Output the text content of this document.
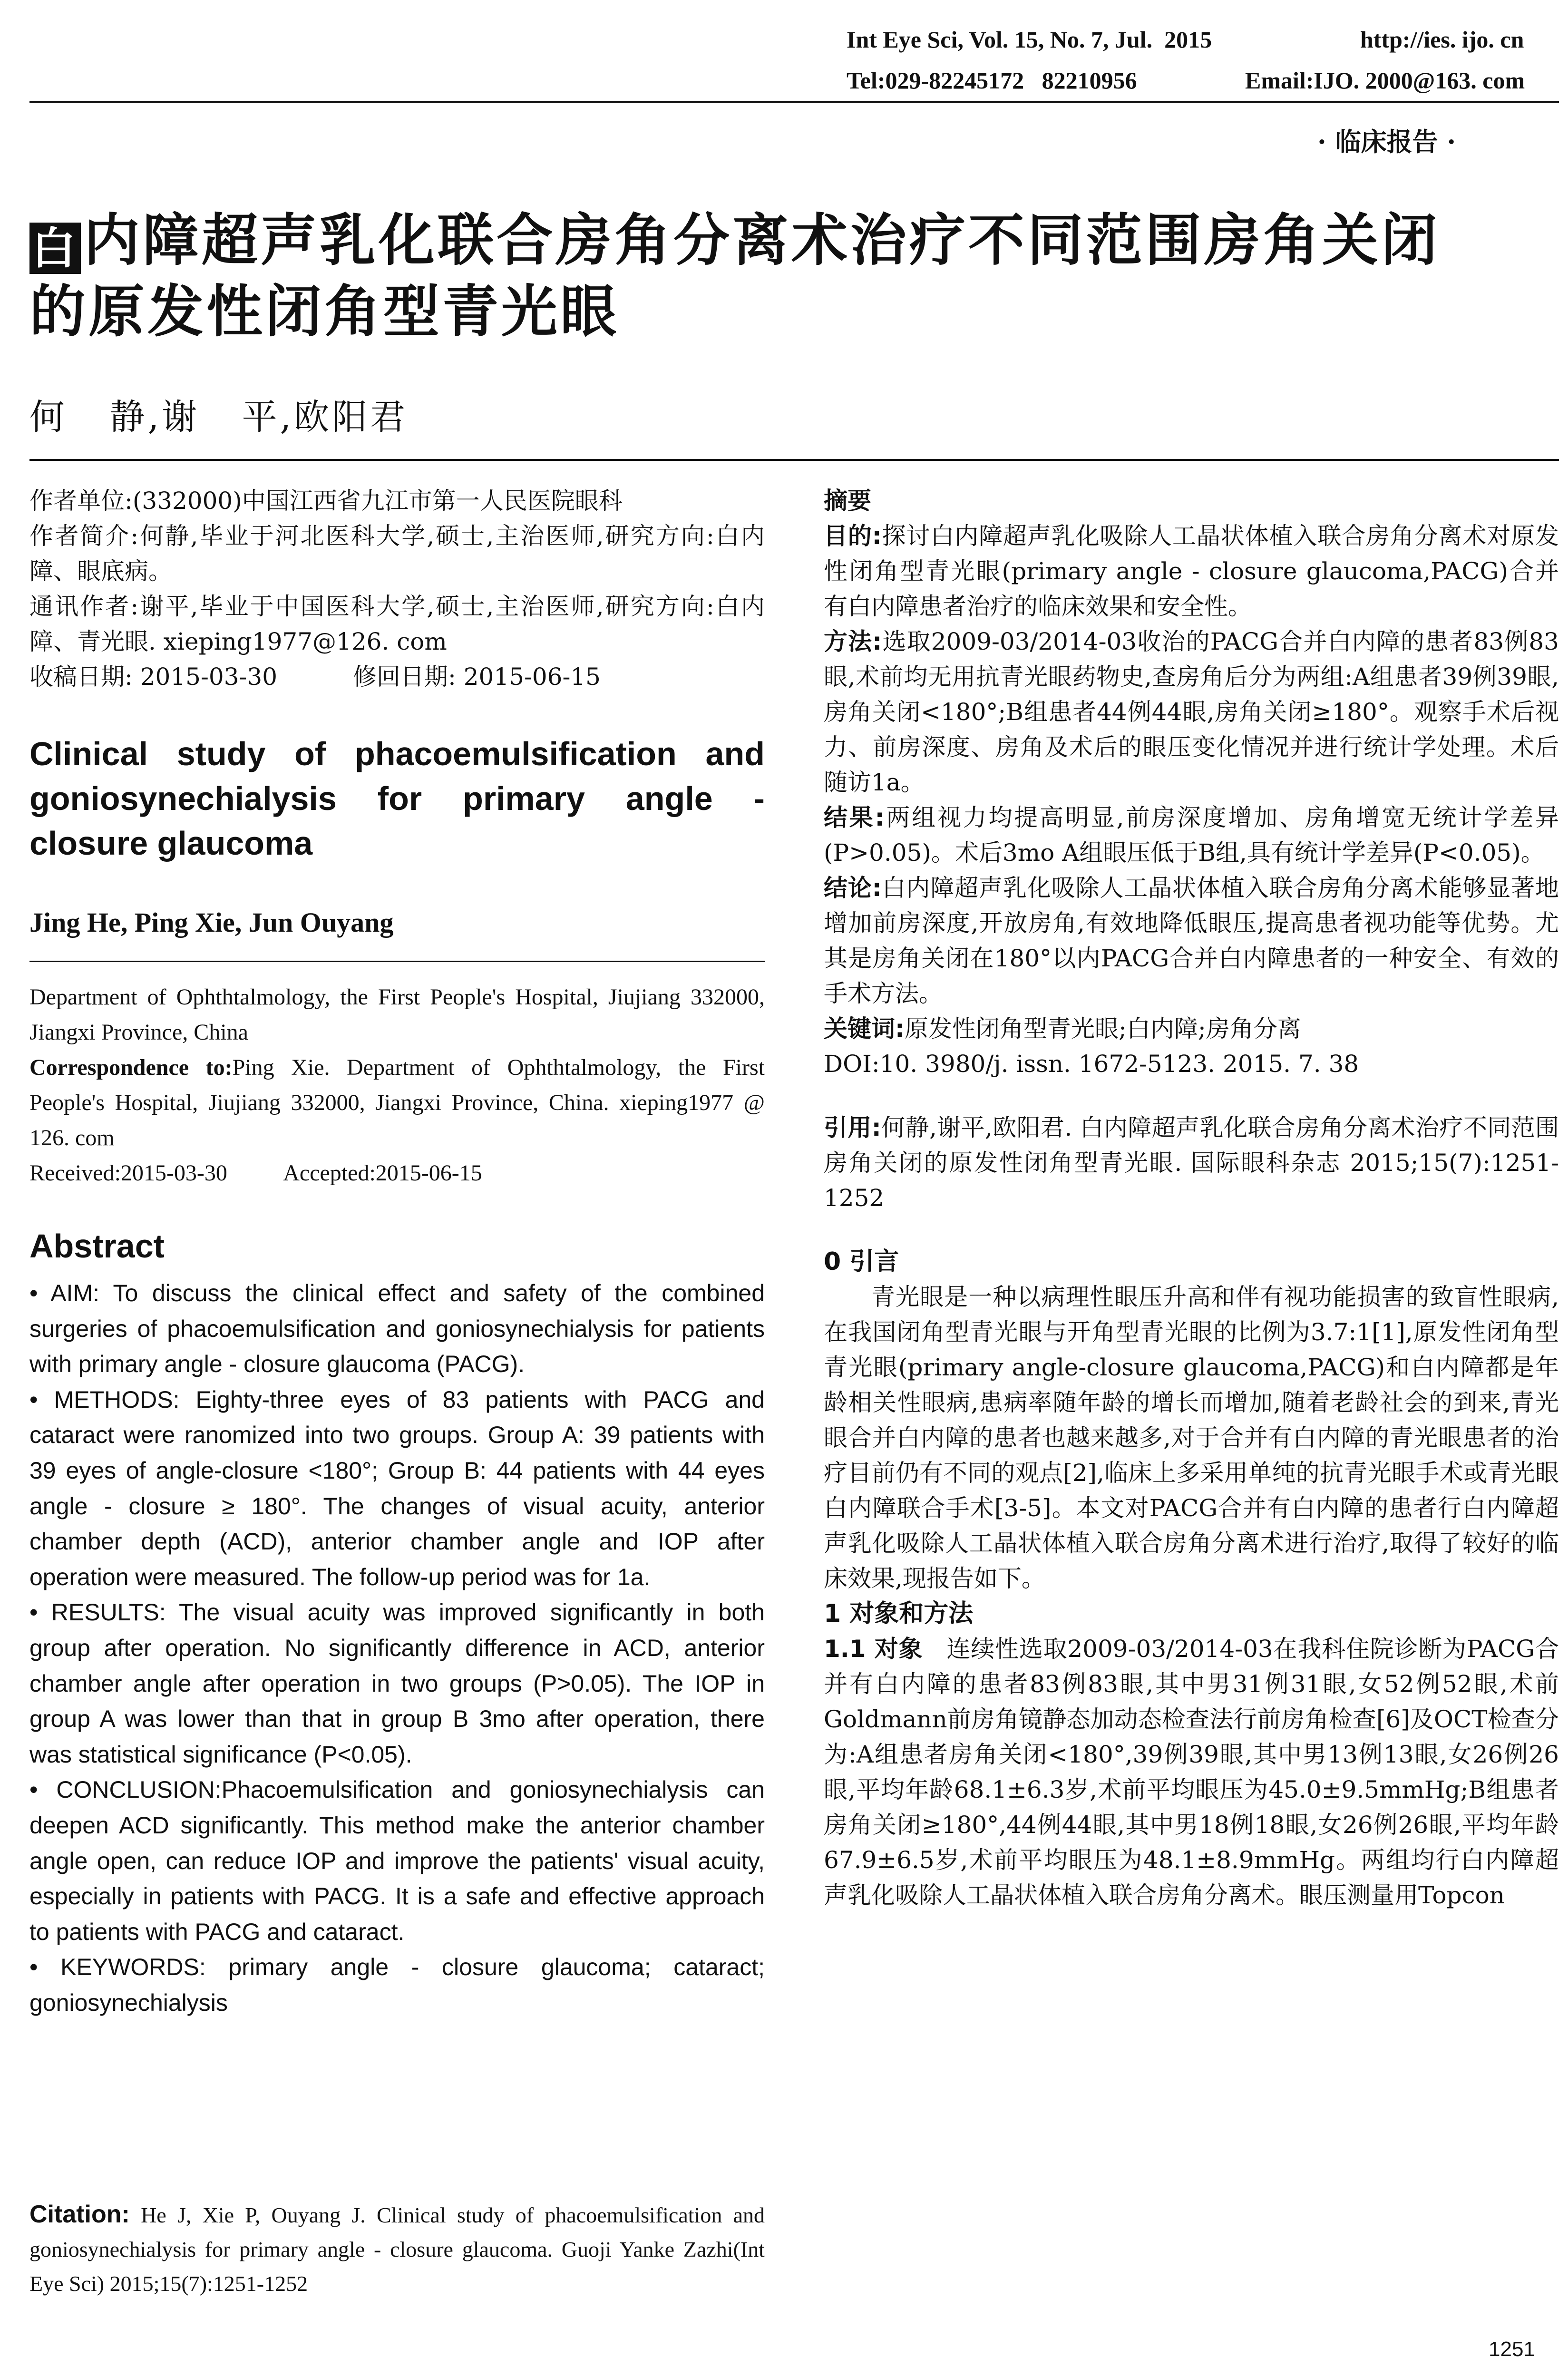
Int Eye Sci, Vol. 15, No. 7, Jul.  2015	http://ies. ijo. cn
Tel:029-82245172   82210956	Email:IJO. 2000@163. com
· 临床报告 ·
白内障超声乳化联合房角分离术治疗不同范围房角关闭
的原发性闭角型青光眼
何   静,谢   平,欧阳君

作者单位:(332000)中国江西省九江市第一人民医院眼科

作者简介:何静,毕业于河北医科大学,硕士,主治医师,研究方向:白内障、眼底病。

通讯作者:谢平,毕业于中国医科大学,硕士,主治医师,研究方向:白内障、青光眼. xieping1977@126. com

收稿日期: 2015-03-30          修回日期: 2015-06-15

Clinical study of phacoemulsification and goniosynechialysis for primary angle - closure glaucoma
Jing He, Ping Xie, Jun Ouyang
Department of Ophthtalmology, the First People's Hospital, Jiujiang 332000, Jiangxi Province, China
Correspondence to:Ping Xie. Department of Ophthtalmology, the First People's Hospital, Jiujiang 332000, Jiangxi Province, China. xieping1977 @ 126. com
Received:2015-03-30          Accepted:2015-06-15
Abstract

• AIM: To discuss the clinical effect and safety of the combined surgeries of phacoemulsification and goniosynechialysis for patients with primary angle - closure glaucoma (PACG).

• METHODS: Eighty-three eyes of 83 patients with PACG and cataract were ranomized into two groups. Group A: 39 patients with 39 eyes of angle-closure <180°; Group B: 44 patients with 44 eyes angle - closure ≥ 180°. The changes of visual acuity, anterior chamber depth (ACD), anterior chamber angle and IOP after operation were measured. The follow-up period was for 1a.

• RESULTS: The visual acuity was improved significantly in both group after operation. No significantly difference in ACD, anterior chamber angle after operation in two groups (P>0.05). The IOP in group A was lower than that in group B 3mo after operation, there was statistical significance (P<0.05).

• CONCLUSION:Phacoemulsification and goniosynechialysis can deepen ACD significantly. This method make the anterior chamber angle open, can reduce IOP and improve the patients' visual acuity, especially in patients with PACG. It is a safe and effective approach to patients with PACG and cataract.

• KEYWORDS: primary angle - closure glaucoma; cataract; goniosynechialysis

Citation: He J, Xie P, Ouyang J. Clinical study of phacoemulsification and goniosynechialysis for primary angle - closure glaucoma. Guoji Yanke Zazhi(Int Eye Sci) 2015;15(7):1251-1252

摘要

目的:探讨白内障超声乳化吸除人工晶状体植入联合房角分离术对原发性闭角型青光眼(primary angle - closure glaucoma,PACG)合并有白内障患者治疗的临床效果和安全性。

方法:选取2009-03/2014-03收治的PACG合并白内障的患者83例83眼,术前均无用抗青光眼药物史,查房角后分为两组:A组患者39例39眼,房角关闭<180°;B组患者44例44眼,房角关闭≥180°。观察手术后视力、前房深度、房角及术后的眼压变化情况并进行统计学处理。术后随访1a。

结果:两组视力均提高明显,前房深度增加、房角增宽无统计学差异(P>0.05)。术后3mo A组眼压低于B组,具有统计学差异(P<0.05)。

结论:白内障超声乳化吸除人工晶状体植入联合房角分离术能够显著地增加前房深度,开放房角,有效地降低眼压,提高患者视功能等优势。尤其是房角关闭在180°以内PACG合并白内障患者的一种安全、有效的手术方法。

关键词:原发性闭角型青光眼;白内障;房角分离

DOI:10. 3980/j. issn. 1672-5123. 2015. 7. 38

引用:何静,谢平,欧阳君. 白内障超声乳化联合房角分离术治疗不同范围房角关闭的原发性闭角型青光眼. 国际眼科杂志 2015;15(7):1251-1252

0 引言

青光眼是一种以病理性眼压升高和伴有视功能损害的致盲性眼病,在我国闭角型青光眼与开角型青光眼的比例为3.7:1[1],原发性闭角型青光眼(primary angle-closure glaucoma,PACG)和白内障都是年龄相关性眼病,患病率随年龄的增长而增加,随着老龄社会的到来,青光眼合并白内障的患者也越来越多,对于合并有白内障的青光眼患者的治疗目前仍有不同的观点[2],临床上多采用单纯的抗青光眼手术或青光眼白内障联合手术[3-5]。本文对PACG合并有白内障的患者行白内障超声乳化吸除人工晶状体植入联合房角分离术进行治疗,取得了较好的临床效果,现报告如下。

1 对象和方法

1.1 对象   连续性选取2009-03/2014-03在我科住院诊断为PACG合并有白内障的患者83例83眼,其中男31例31眼,女52例52眼,术前Goldmann前房角镜静态加动态检查法行前房角检查[6]及OCT检查分为:A组患者房角关闭<180°,39例39眼,其中男13例13眼,女26例26眼,平均年龄68.1±6.3岁,术前平均眼压为45.0±9.5mmHg;B组患者房角关闭≥180°,44例44眼,其中男18例18眼,女26例26眼,平均年龄67.9±6.5岁,术前平均眼压为48.1±8.9mmHg。两组均行白内障超声乳化吸除人工晶状体植入联合房角分离术。眼压测量用Topcon

1251
